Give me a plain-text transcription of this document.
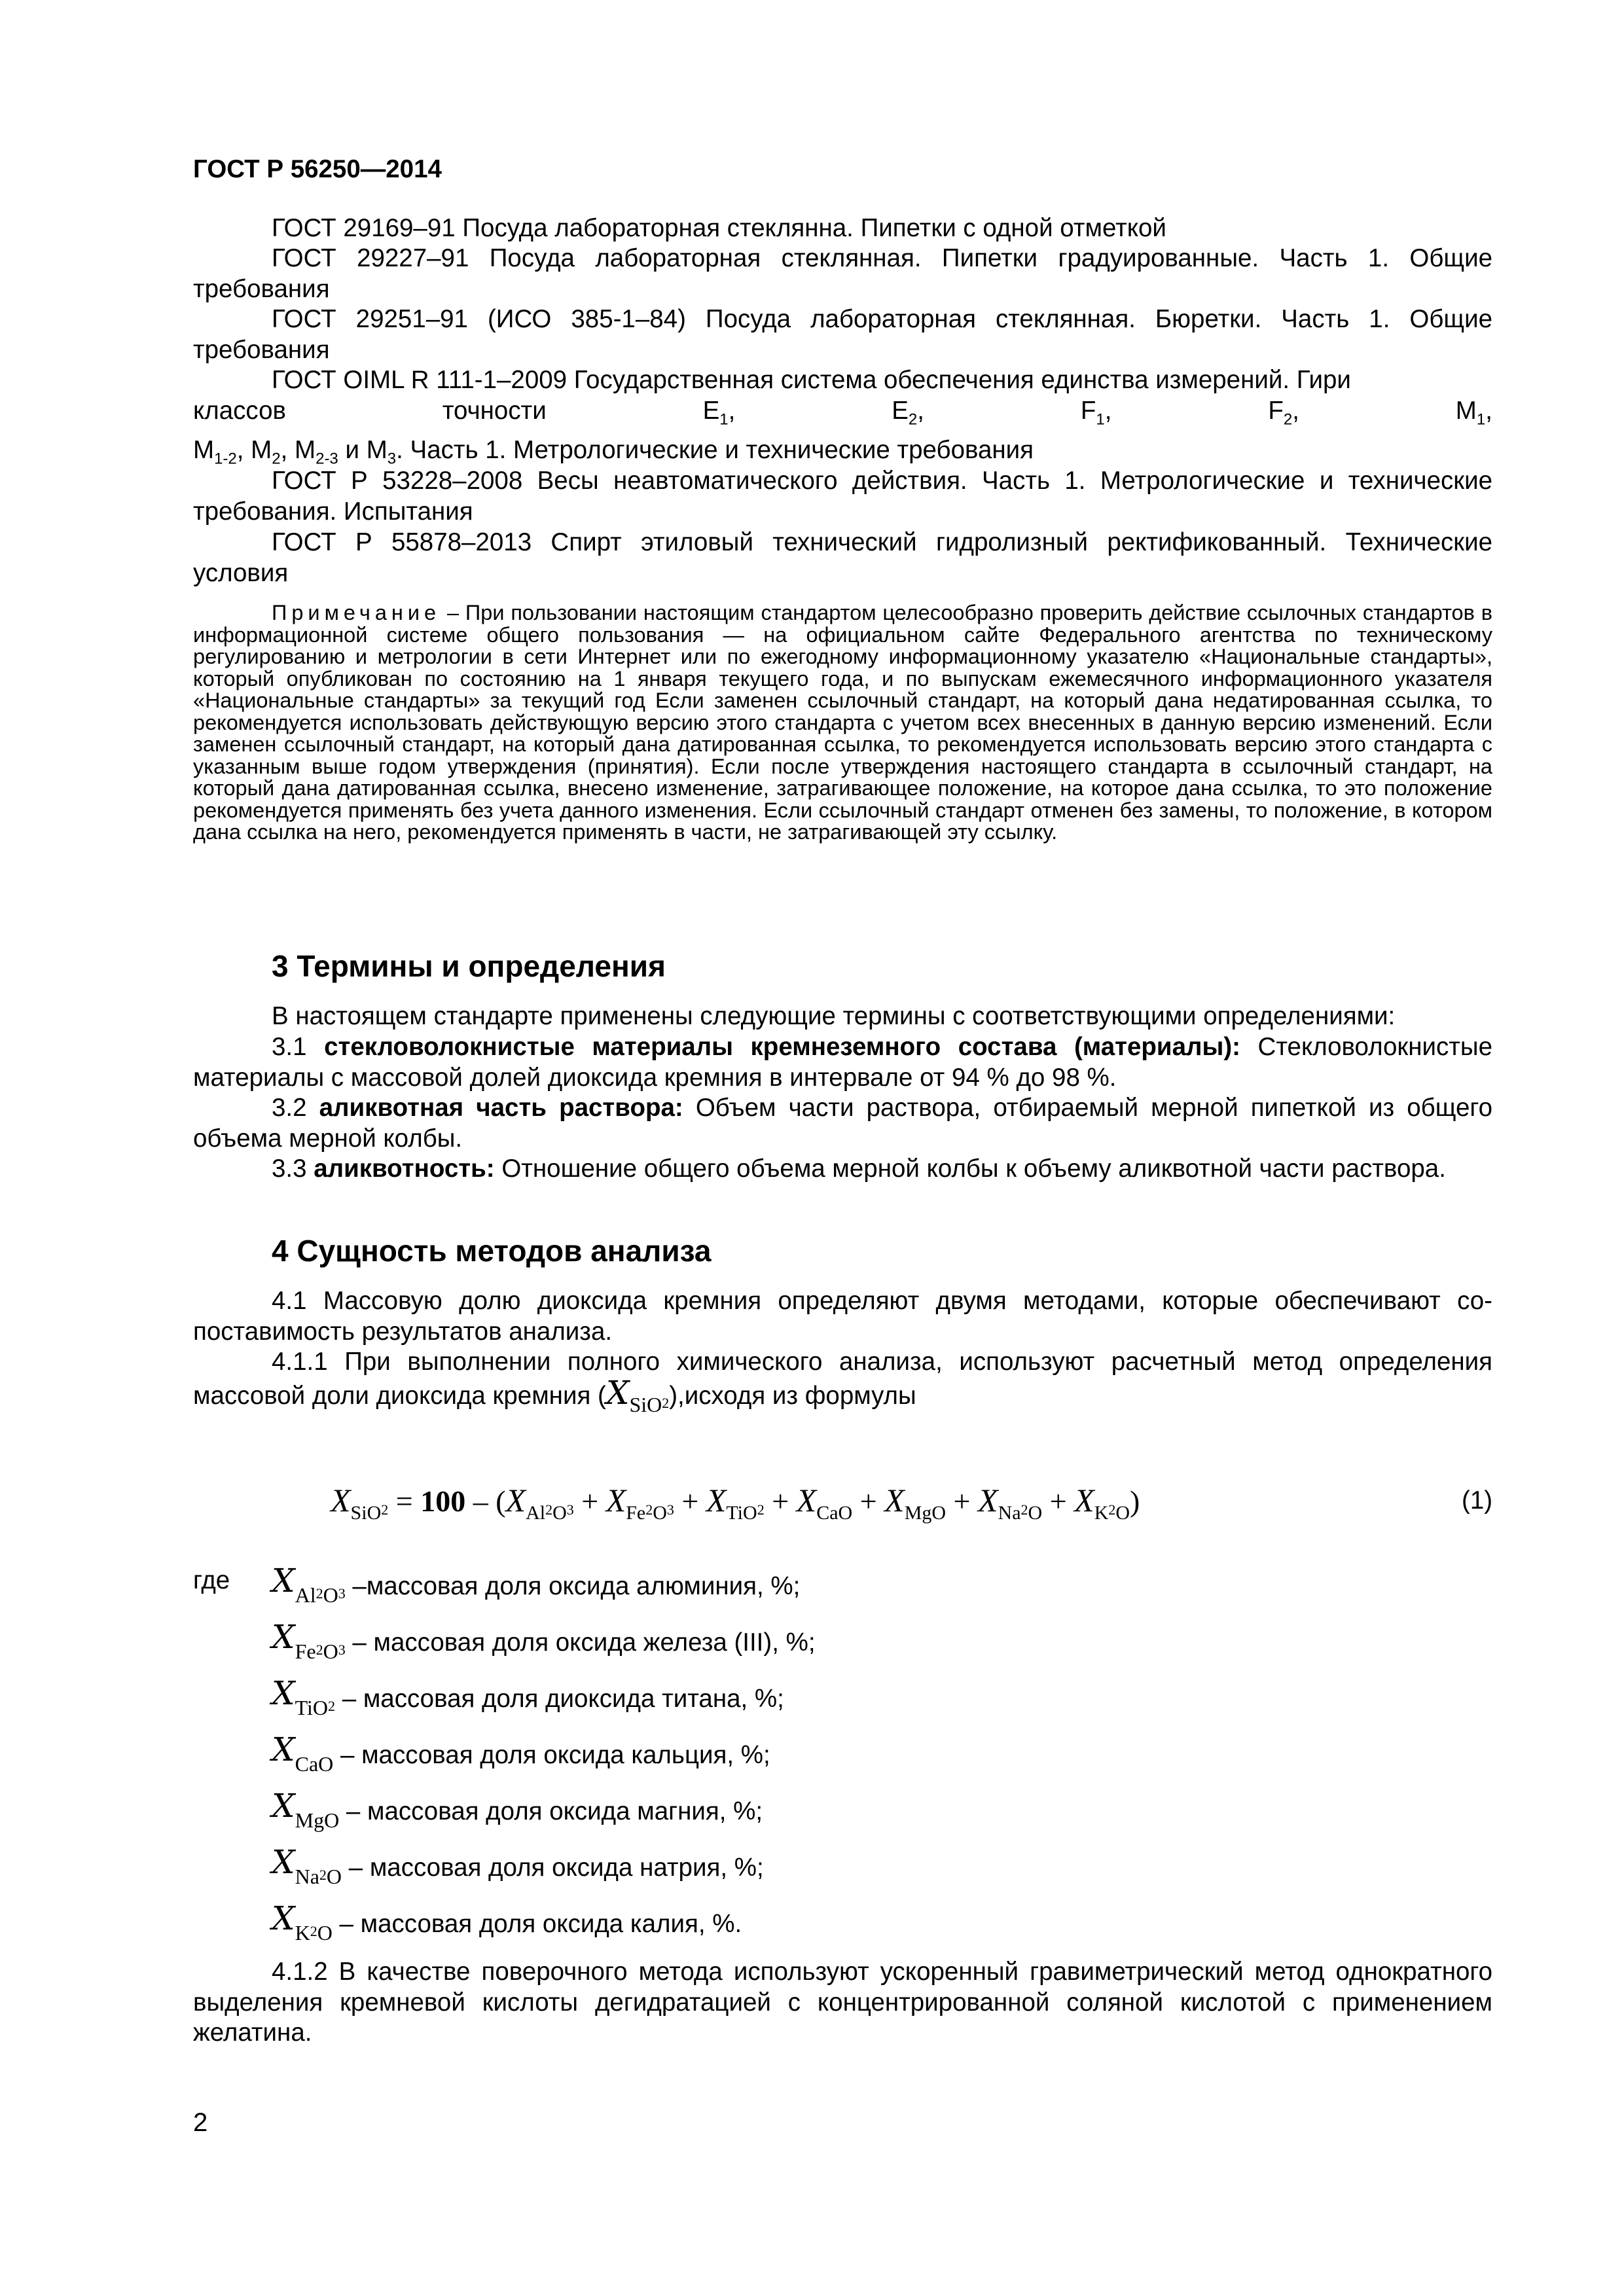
ГОСТ Р 56250—2014
ГОСТ 29169–91 Посуда лабораторная стеклянна. Пипетки с одной отметкой
ГОСТ 29227–91 Посуда лабораторная стеклянная. Пипетки градуированные. Часть 1. Общие требования
ГОСТ 29251–91 (ИСО 385-1–84) Посуда лабораторная стеклянная. Бюретки. Часть 1. Общие требования
ГОСТ OIML R 111-1–2009 Государственная система обеспечения единства измерений. Гири
классов	точности	$E_1$,	$E_2$,	$F_1$,	$F_2$,	$M_1$,
$M_{1-2}$, $M_2$, $M_{2-3}$ и $M_3$. Часть 1. Метрологические и технические требования
ГОСТ Р 53228–2008 Весы неавтоматического действия. Часть 1. Метрологические и технические требования. Испытания
ГОСТ Р 55878–2013 Спирт этиловый технический гидролизный ректификованный. Технические условия
Примечание – При пользовании настоящим стандартом целесообразно проверить действие ссылочных стандартов в информационной системе общего пользования — на официальном сайте Федерального агентства по техническому регулированию и метрологии в сети Интернет или по ежегодному информационному указателю «Национальные стандарты», который опубликован по состоянию на 1 января текущего года, и по выпускам ежемесячного информационного указателя «Национальные стандарты» за текущий год Если заменен ссылочный стандарт, на который дана недатированная ссылка, то рекомендуется использовать действующую версию этого стандарта с учетом всех внесенных в данную версию изменений. Если заменен ссылочный стандарт, на который дана датированная ссылка, то рекомендуется использовать версию этого стандарта с указанным выше годом утверждения (принятия). Если после утверждения настоящего стандарта в ссылочный стандарт, на который дана датированная ссылка, внесено изменение, затрагивающее положение, на которое дана ссылка, то это положение рекомендуется применять без учета данного изменения. Если ссылочный стандарт отменен без замены, то положение, в котором дана ссылка на него, рекомендуется применять в части, не затрагивающей эту ссылку.
3 Термины и определения
В настоящем стандарте применены следующие термины с соответствующими определениями:
3.1 стекловолокнистые материалы кремнеземного состава (материалы): Стекловолокнистые материалы с массовой долей диоксида кремния в интервале от 94 % до 98 %.
3.2 аликвотная часть раствора: Объем части раствора, отбираемый мерной пипеткой из общего объема мерной колбы.
3.3 аликвотность: Отношение общего объема мерной колбы к объему аликвотной части раствора.
4 Сущность методов анализа
4.1 Массовую долю диоксида кремния определяют двумя методами, которые обеспечивают сопоставимость результатов анализа.
4.1.1 При выполнении полного химического анализа, используют расчетный метод определения массовой доли диоксида кремния $(X_{SiO}2),исходя$ из формулы
$X_{SiO}2 = 100 - (X_{Al}2_O3 + X_{Fe}2_O3 + X_{TiO}2 + X_{CaO} + X_{MgO} + X_{Na}2_O + X_K2_O)$	(1)
где $X_{Al}2_O3$ –массовая доля оксида алюминия, %;
$X_{Fe}2_O3$ – массовая доля оксида железа (III), %;
$X_{TiO}2$ – массовая доля диоксида титана, %;
$X_{CaO}$ – массовая доля оксида кальция, %;
$X_{MgO}$ – массовая доля оксида магния, %;
$X_{Na}2_O$ – массовая доля оксида натрия, %;
$X_K2_O$ – массовая доля оксида калия, %.
4.1.2 В качестве поверочного метода используют ускоренный гравиметрический метод однократного выделения кремневой кислоты дегидратацией с концентрированной соляной кислотой с применением желатина.
2
